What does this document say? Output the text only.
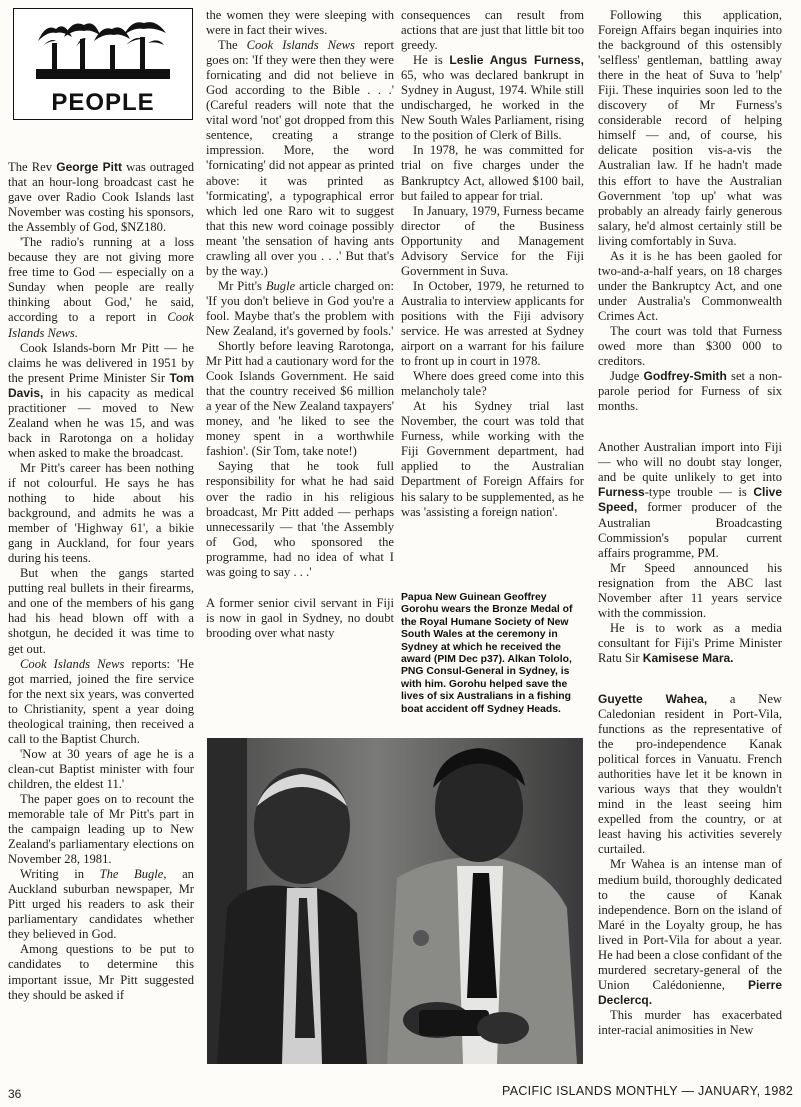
PEOPLE

The Rev George Pitt was outraged that an hour-long broadcast cast he gave over Radio Cook Islands last November was costing his sponsors, the Assembly of God, $NZ180.

'The radio's running at a loss because they are not giving more free time to God — especially on a Sunday when people are really thinking about God,' he said, according to a report in Cook Islands News.

Cook Islands-born Mr Pitt — he claims he was delivered in 1951 by the present Prime Minister Sir Tom Davis, in his capacity as medical practitioner — moved to New Zealand when he was 15, and was back in Rarotonga on a holiday when asked to make the broadcast.

Mr Pitt's career has been nothing if not colourful. He says he has nothing to hide about his background, and admits he was a member of 'Highway 61', a bikie gang in Auckland, for four years during his teens.

But when the gangs started putting real bullets in their firearms, and one of the members of his gang had his head blown off with a shotgun, he decided it was time to get out.

Cook Islands News reports: 'He got married, joined the fire service for the next six years, was converted to Christianity, spent a year doing theological training, then received a call to the Baptist Church.

'Now at 30 years of age he is a clean-cut Baptist minister with four children, the eldest 11.'

The paper goes on to recount the memorable tale of Mr Pitt's part in the campaign leading up to New Zealand's parliamentary elections on November 28, 1981.

Writing in The Bugle, an Auckland suburban newspaper, Mr Pitt urged his readers to ask their parliamentary candidates whether they believed in God.

Among questions to be put to candidates to determine this important issue, Mr Pitt suggested they should be asked if

the women they were sleeping with were in fact their wives.

The Cook Islands News report goes on: 'If they were then they were fornicating and did not believe in God according to the Bible . . .' (Careful readers will note that the vital word 'not' got dropped from this sentence, creating a strange impression. More, the word 'fornicating' did not appear as printed above: it was printed as 'formicating', a typographical error which led one Raro wit to suggest that this new word coinage possibly meant 'the sensation of having ants crawling all over you . . .' But that's by the way.)

Mr Pitt's Bugle article charged on: 'If you don't believe in God you're a fool. Maybe that's the problem with New Zealand, it's governed by fools.'

Shortly before leaving Rarotonga, Mr Pitt had a cautionary word for the Cook Islands Government. He said that the country received $6 million a year of the New Zealand taxpayers' money, and 'he liked to see the money spent in a worthwhile fashion'. (Sir Tom, take note!)

Saying that he took full responsibility for what he had said over the radio in his religious broadcast, Mr Pitt added — perhaps unnecessarily — that 'the Assembly of God, who sponsored the programme, had no idea of what I was going to say . . .'

A former senior civil servant in Fiji is now in gaol in Sydney, no doubt brooding over what nasty

consequences can result from actions that are just that little bit too greedy.

He is Leslie Angus Furness, 65, who was declared bankrupt in Sydney in August, 1974. While still undischarged, he worked in the New South Wales Parliament, rising to the position of Clerk of Bills.

In 1978, he was committed for trial on five charges under the Bankruptcy Act, allowed $100 bail, but failed to appear for trial.

In January, 1979, Furness became director of the Business Opportunity and Management Advisory Service for the Fiji Government in Suva.

In October, 1979, he returned to Australia to interview applicants for positions with the Fiji advisory service. He was arrested at Sydney airport on a warrant for his failure to front up in court in 1978.

Where does greed come into this melancholy tale?

At his Sydney trial last November, the court was told that Furness, while working with the Fiji Government department, had applied to the Australian Department of Foreign Affairs for his salary to be supplemented, as he was 'assisting a foreign nation'.

Papua New Guinean Geoffrey Gorohu wears the Bronze Medal of the Royal Humane Society of New South Wales at the ceremony in Sydney at which he received the award (PIM Dec p37). Alkan Tololo, PNG Consul-General in Sydney, is with him. Gorohu helped save the lives of six Australians in a fishing boat accident off Sydney Heads.

Following this application, Foreign Affairs began inquiries into the background of this ostensibly 'selfless' gentleman, battling away there in the heat of Suva to 'help' Fiji. These inquiries soon led to the discovery of Mr Furness's considerable record of helping himself — and, of course, his delicate position vis-a-vis the Australian law. If he hadn't made this effort to have the Australian Government 'top up' what was probably an already fairly generous salary, he'd almost certainly still be living comfortably in Suva.

As it is he has been gaoled for two-and-a-half years, on 18 charges under the Bankruptcy Act, and one under Australia's Commonwealth Crimes Act.

The court was told that Furness owed more than $300 000 to creditors.

Judge Godfrey-Smith set a non-parole period for Furness of six months.

Another Australian import into Fiji — who will no doubt stay longer, and be quite unlikely to get into Furness-type trouble — is Clive Speed, former producer of the Australian Broadcasting Commission's popular current affairs programme, PM.

Mr Speed announced his resignation from the ABC last November after 11 years service with the commission.

He is to work as a media consultant for Fiji's Prime Minister Ratu Sir Kamisese Mara.

Guyette Wahea, a New Caledonian resident in Port-Vila, functions as the representative of the pro-independence Kanak political forces in Vanuatu. French authorities have let it be known in various ways that they wouldn't mind in the least seeing him expelled from the country, or at least having his activities severely curtailed.

Mr Wahea is an intense man of medium build, thoroughly dedicated to the cause of Kanak independence. Born on the island of Maré in the Loyalty group, he has lived in Port-Vila for about a year. He had been a close confidant of the murdered secretary-general of the Union Calédonienne, Pierre Declercq.

This murder has exacerbated inter-racial animosities in New

36	PACIFIC ISLANDS MONTHLY — JANUARY, 1982
